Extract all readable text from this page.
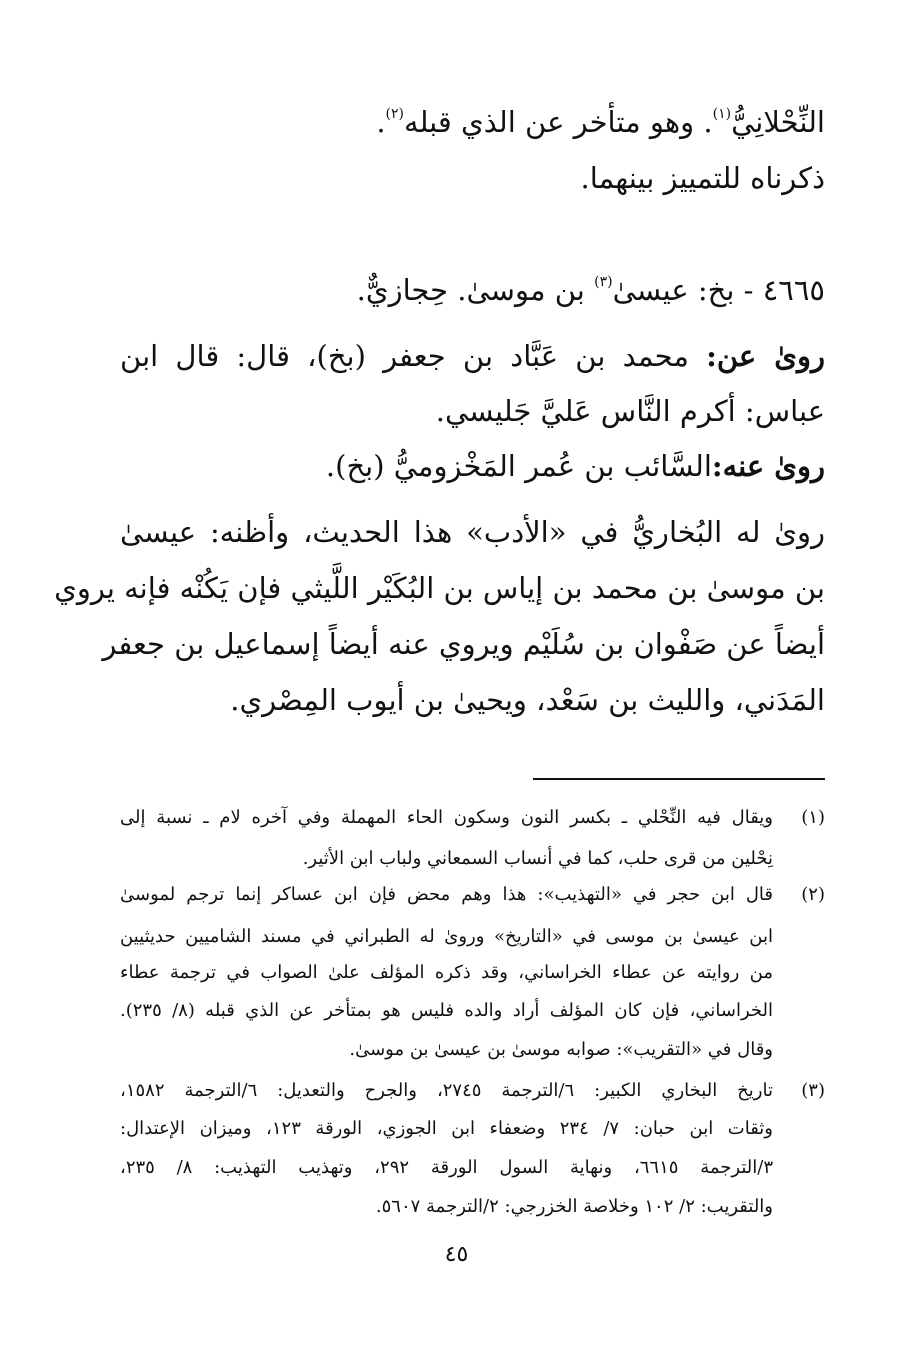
النِّحْلانِيُّ$^{(١)}$. وهو متأخر عن الذي قبله$^{(٢)}$.
ذكرناه للتمييز بينهما.
٤٦٦٥ - بخ: عيسىٰ$^{(٣)}$ بن موسىٰ. حِجازيٌّ.
روىٰ عن: محمد بن عَبَّاد بن جعفر (بخ)، قال: قال ابن
عباس: أكرم النَّاس عَليَّ جَليسي.
روىٰ عنه:السَّائب بن عُمر المَخْزوميُّ (بخ).
روىٰ له البُخاريُّ في «الأدب» هذا الحديث، وأظنه: عيسىٰ
بن موسىٰ بن محمد بن إياس بن البُكَيْر اللَّيثي فإن يَكُنْه فإنه يروي
أيضاً عن صَفْوان بن سُلَيْم ويروي عنه أيضاً إسماعيل بن جعفر
المَدَني، والليث بن سَعْد، ويحيىٰ بن أيوب المِصْري.
(١)
ويقال فيه النِّحْلي ـ بكسر النون وسكون الحاء المهملة وفي آخره لام ـ نسبة إلى
نِحْلين من قرى حلب، كما في أنساب السمعاني ولباب ابن الأثير.
(٢)
قال ابن حجر في «التهذيب»: هذا وهم محض فإن ابن عساكر إنما ترجم لموسىٰ
ابن عيسىٰ بن موسى في «التاريخ» وروىٰ له الطبراني في مسند الشاميين حديثيين
من روايته عن عطاء الخراساني، وقد ذكره المؤلف علىٰ الصواب في ترجمة عطاء
الخراساني، فإن كان المؤلف أراد والده فليس هو بمتأخر عن الذي قبله (٨/ ٢٣٥).
وقال في «التقريب»: صوابه موسىٰ بن عيسىٰ بن موسىٰ.
(٣)
تاريخ البخاري الكبير: ٦/الترجمة ٢٧٤٥، والجرح والتعديل: ٦/الترجمة ١٥٨٢،
وثقات ابن حبان: ٧/ ٢٣٤ وضعفاء ابن الجوزي، الورقة ١٢٣، وميزان الإعتدال:
٣/الترجمة ٦٦١٥، ونهاية السول الورقة ٢٩٢، وتهذيب التهذيب: ٨/ ٢٣٥،
والتقريب: ٢/ ١٠٢ وخلاصة الخزرجي: ٢/الترجمة ٥٦٠٧.
٤٥
